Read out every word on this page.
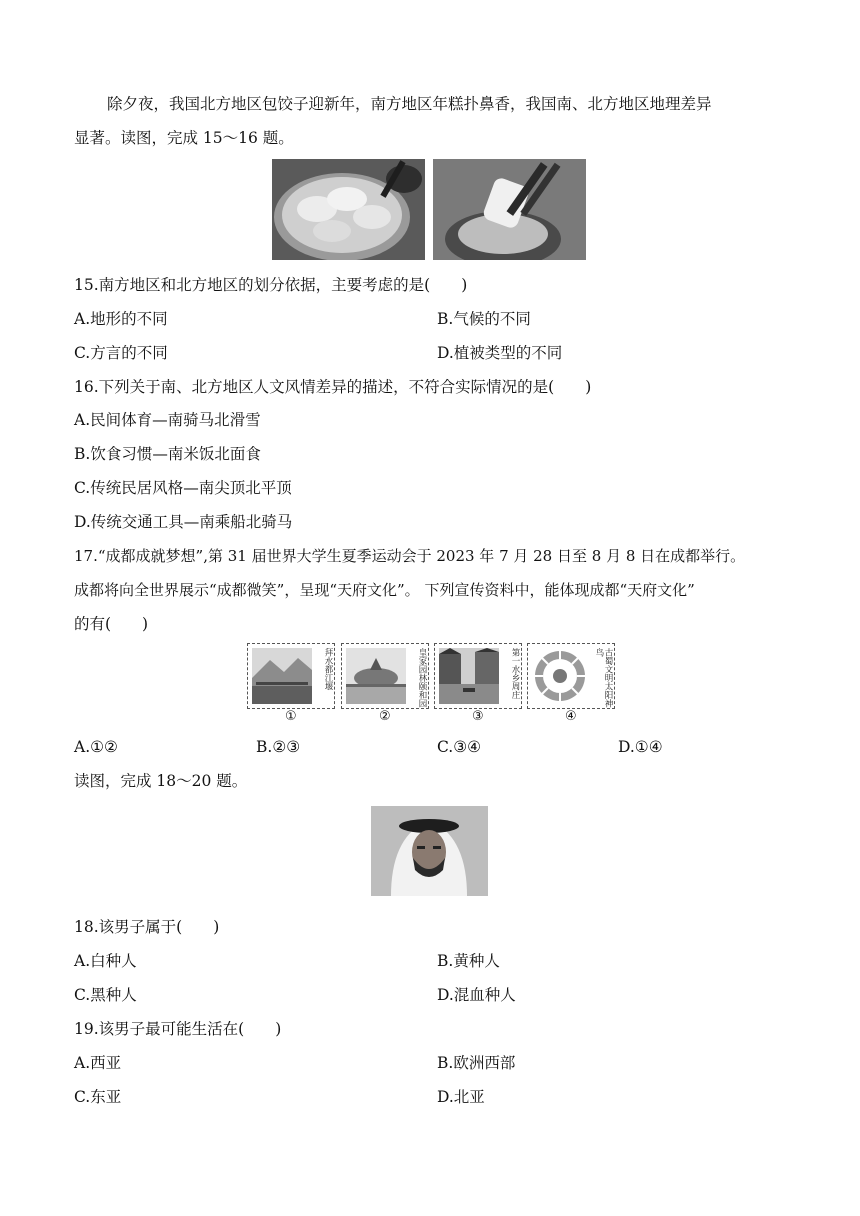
除夕夜，我国北方地区包饺子迎新年，南方地区年糕扑鼻香，我国南、北方地区地理差异
显著。读图，完成 15～16 题。
15.南方地区和北方地区的划分依据，主要考虑的是(　　)
A.地形的不同	B.气候的不同
C.方言的不同	D.植被类型的不同
16.下列关于南、北方地区人文风情差异的描述，不符合实际情况的是(　　)
A.民间体育—南骑马北滑雪
B.饮食习惯—南米饭北面食
C.传统民居风格—南尖顶北平顶
D.传统交通工具—南乘船北骑马
17.“成都成就梦想”,第 31 届世界大学生夏季运动会于 2023 年 7 月 28 日至 8 月 8 日在成都举行。
成都将向全世界展示“成都微笑”，呈现“天府文化”。 下列宣传资料中，能体现成都“天府文化”
的有(　　)
拜水都江堰	皇家园林颐和园	第一水乡周庄	古蜀文明太阳神鸟
①	②	③	④
A.①②	B.②③	C.③④	D.①④
读图，完成 18～20 题。
18.该男子属于(　　)
A.白种人	B.黄种人
C.黑种人	D.混血种人
19.该男子最可能生活在(　　)
A.西亚	B.欧洲西部
C.东亚	D.北亚
